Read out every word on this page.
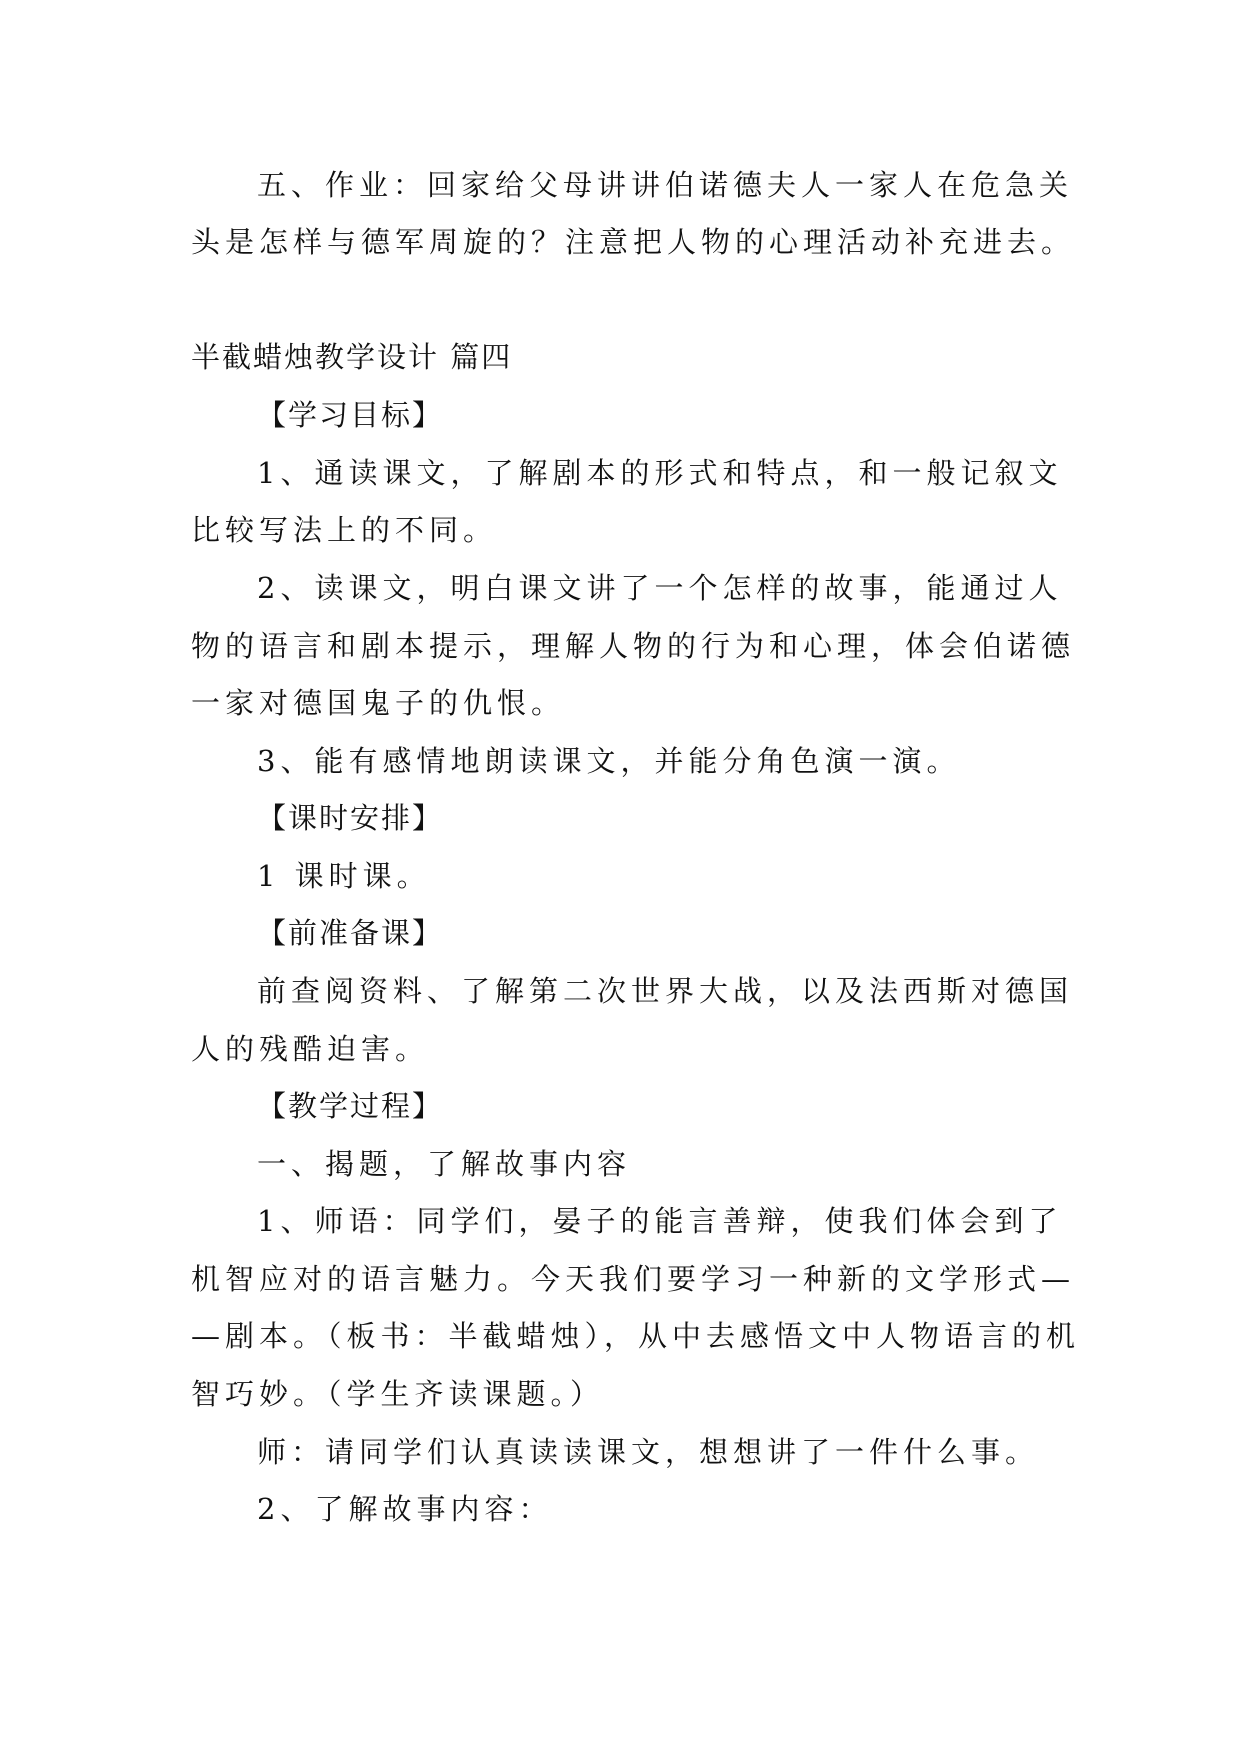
五、作业：回家给父母讲讲伯诺德夫人一家人在危急关
头是怎样与德军周旋的？注意把人物的心理活动补充进去。
半截蜡烛教学设计 篇四
【学习目标】
1、通读课文，了解剧本的形式和特点，和一般记叙文
比较写法上的不同。
2、读课文，明白课文讲了一个怎样的故事，能通过人
物的语言和剧本提示，理解人物的行为和心理，体会伯诺德
一家对德国鬼子的仇恨。
3、能有感情地朗读课文，并能分角色演一演。
【课时安排】
1 课时课。
【前准备课】
前查阅资料、了解第二次世界大战，以及法西斯对德国
人的残酷迫害。
【教学过程】
一、揭题，了解故事内容
1、师语：同学们，晏子的能言善辩，使我们体会到了
机智应对的语言魅力。今天我们要学习一种新的文学形式—
—剧本。（板书：半截蜡烛），从中去感悟文中人物语言的机
智巧妙。（学生齐读课题。）
师：请同学们认真读读课文，想想讲了一件什么事。
2、了解故事内容：
